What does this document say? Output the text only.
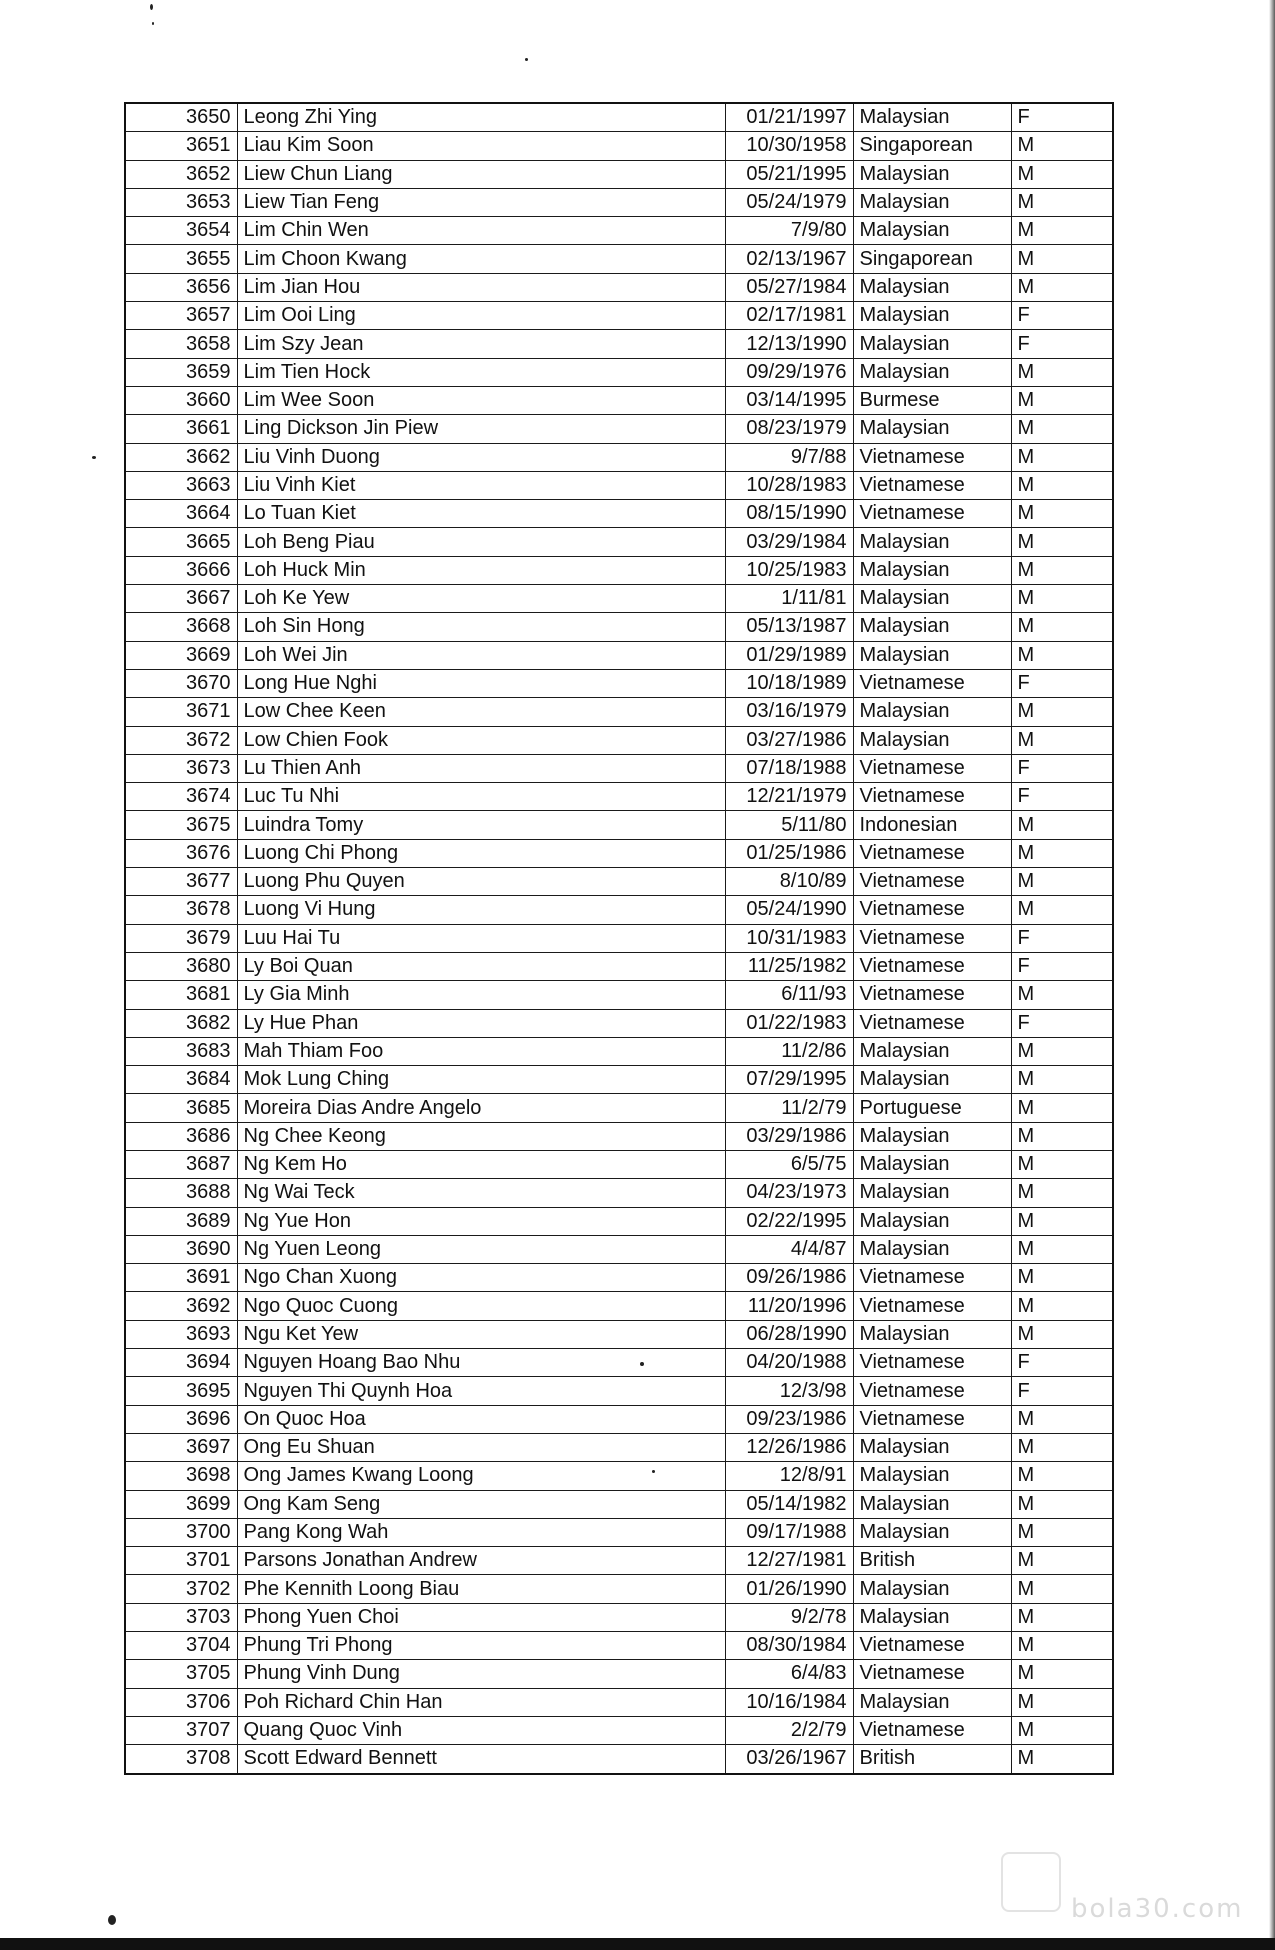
3650	Leong Zhi Ying	01/21/1997	Malaysian	F
3651	Liau Kim Soon	10/30/1958	Singaporean	M
3652	Liew Chun Liang	05/21/1995	Malaysian	M
3653	Liew Tian Feng	05/24/1979	Malaysian	M
3654	Lim Chin Wen	7/9/80	Malaysian	M
3655	Lim Choon Kwang	02/13/1967	Singaporean	M
3656	Lim Jian Hou	05/27/1984	Malaysian	M
3657	Lim Ooi Ling	02/17/1981	Malaysian	F
3658	Lim Szy Jean	12/13/1990	Malaysian	F
3659	Lim Tien Hock	09/29/1976	Malaysian	M
3660	Lim Wee Soon	03/14/1995	Burmese	M
3661	Ling Dickson Jin Piew	08/23/1979	Malaysian	M
3662	Liu Vinh Duong	9/7/88	Vietnamese	M
3663	Liu Vinh Kiet	10/28/1983	Vietnamese	M
3664	Lo Tuan Kiet	08/15/1990	Vietnamese	M
3665	Loh Beng Piau	03/29/1984	Malaysian	M
3666	Loh Huck Min	10/25/1983	Malaysian	M
3667	Loh Ke Yew	1/11/81	Malaysian	M
3668	Loh Sin Hong	05/13/1987	Malaysian	M
3669	Loh Wei Jin	01/29/1989	Malaysian	M
3670	Long Hue Nghi	10/18/1989	Vietnamese	F
3671	Low Chee Keen	03/16/1979	Malaysian	M
3672	Low Chien Fook	03/27/1986	Malaysian	M
3673	Lu Thien Anh	07/18/1988	Vietnamese	F
3674	Luc Tu Nhi	12/21/1979	Vietnamese	F
3675	Luindra Tomy	5/11/80	Indonesian	M
3676	Luong Chi Phong	01/25/1986	Vietnamese	M
3677	Luong Phu Quyen	8/10/89	Vietnamese	M
3678	Luong Vi Hung	05/24/1990	Vietnamese	M
3679	Luu Hai Tu	10/31/1983	Vietnamese	F
3680	Ly Boi Quan	11/25/1982	Vietnamese	F
3681	Ly Gia Minh	6/11/93	Vietnamese	M
3682	Ly Hue Phan	01/22/1983	Vietnamese	F
3683	Mah Thiam Foo	11/2/86	Malaysian	M
3684	Mok Lung Ching	07/29/1995	Malaysian	M
3685	Moreira Dias Andre Angelo	11/2/79	Portuguese	M
3686	Ng Chee Keong	03/29/1986	Malaysian	M
3687	Ng Kem Ho	6/5/75	Malaysian	M
3688	Ng Wai Teck	04/23/1973	Malaysian	M
3689	Ng Yue Hon	02/22/1995	Malaysian	M
3690	Ng Yuen Leong	4/4/87	Malaysian	M
3691	Ngo Chan Xuong	09/26/1986	Vietnamese	M
3692	Ngo Quoc Cuong	11/20/1996	Vietnamese	M
3693	Ngu Ket Yew	06/28/1990	Malaysian	M
3694	Nguyen Hoang Bao Nhu	04/20/1988	Vietnamese	F
3695	Nguyen Thi Quynh Hoa	12/3/98	Vietnamese	F
3696	On Quoc Hoa	09/23/1986	Vietnamese	M
3697	Ong Eu Shuan	12/26/1986	Malaysian	M
3698	Ong James Kwang Loong	12/8/91	Malaysian	M
3699	Ong Kam Seng	05/14/1982	Malaysian	M
3700	Pang Kong Wah	09/17/1988	Malaysian	M
3701	Parsons Jonathan Andrew	12/27/1981	British	M
3702	Phe Kennith Loong Biau	01/26/1990	Malaysian	M
3703	Phong Yuen Choi	9/2/78	Malaysian	M
3704	Phung Tri Phong	08/30/1984	Vietnamese	M
3705	Phung Vinh Dung	6/4/83	Vietnamese	M
3706	Poh Richard Chin Han	10/16/1984	Malaysian	M
3707	Quang Quoc Vinh	2/2/79	Vietnamese	M
3708	Scott Edward Bennett	03/26/1967	British	M
bola30.com
